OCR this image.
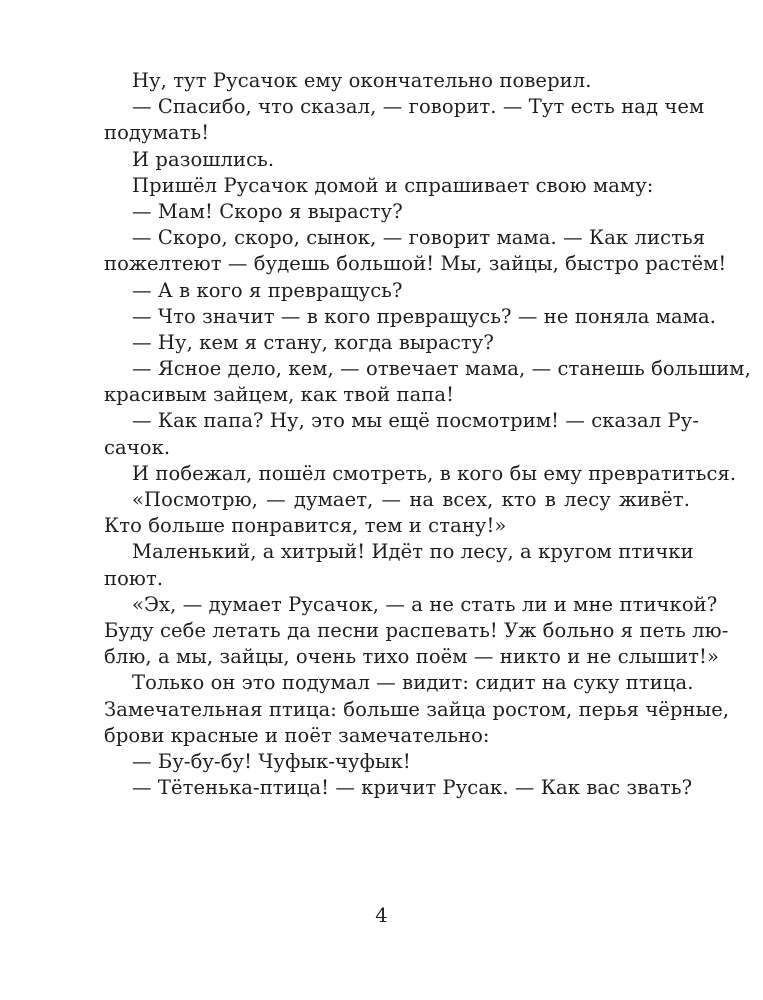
Ну, тут Русачок ему окончательно поверил.
— Спасибо, что сказал, — говорит. — Тут есть над чем
подумать!
И разошлись.
Пришёл Русачок домой и спрашивает свою маму:
— Мам! Скоро я вырасту?
— Скоро, скоро, сынок, — говорит мама. — Как листья
пожелтеют — будешь большой! Мы, зайцы, быстро растём!
— А в кого я превращусь?
— Что значит — в кого превращусь? — не поняла мама.
— Ну, кем я стану, когда вырасту?
— Ясное дело, кем, — отвечает мама, — станешь большим,
красивым зайцем, как твой папа!
— Как папа? Ну, это мы ещё посмотрим! — сказал Ру-
сачок.
И побежал, пошёл смотреть, в кого бы ему превратиться.
«Посмотрю, — думает, — на всех, кто в лесу живёт.
Кто больше понравится, тем и стану!»
Маленький, а хитрый! Идёт по лесу, а кругом птички
поют.
«Эх, — думает Русачок, — а не стать ли и мне птичкой?
Буду себе летать да песни распевать! Уж больно я петь лю-
блю, а мы, зайцы, очень тихо поём — никто и не слышит!»
Только он это подумал — видит: сидит на суку птица.
Замечательная птица: больше зайца ростом, перья чёрные,
брови красные и поёт замечательно:
— Бу-бу-бу! Чуфык-чуфык!
— Тётенька-птица! — кричит Русак. — Как вас звать?
4
